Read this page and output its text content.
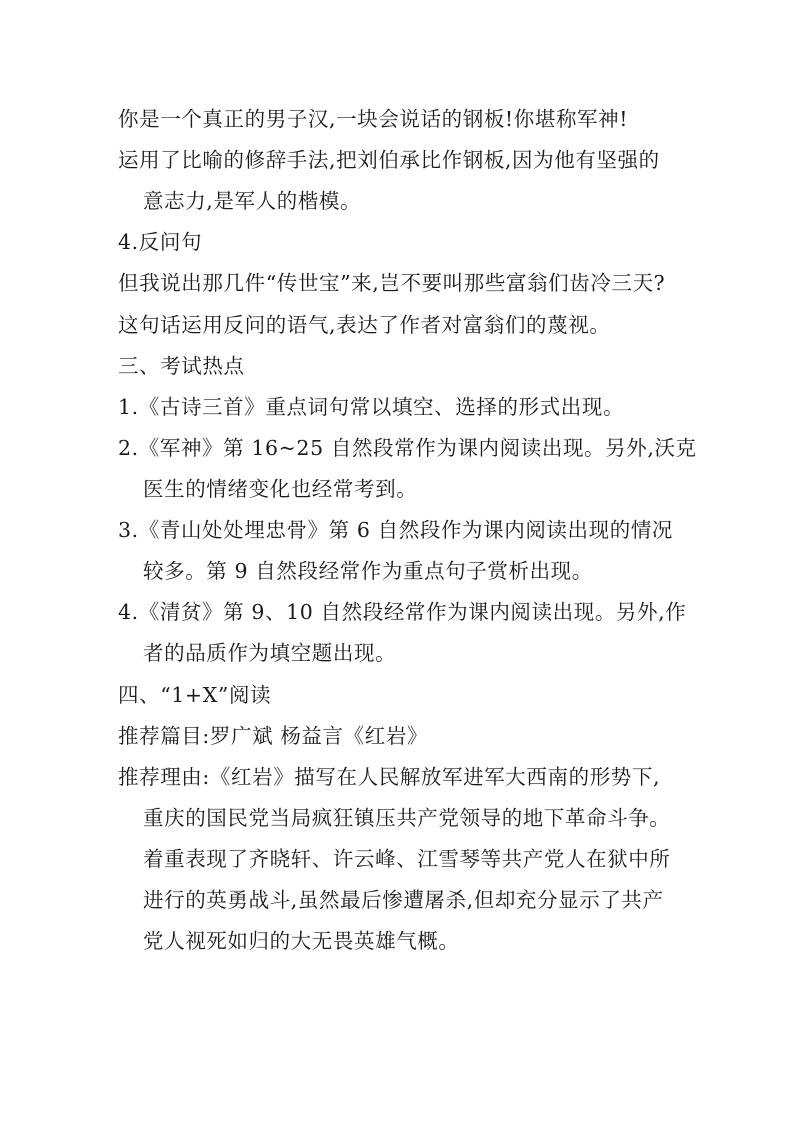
你是一个真正的男子汉,一块会说话的钢板!你堪称军神!
运用了比喻的修辞手法,把刘伯承比作钢板,因为他有坚强的
意志力,是军人的楷模。
4.反问句
但我说出那几件“传世宝”来,岂不要叫那些富翁们齿冷三天?
这句话运用反问的语气,表达了作者对富翁们的蔑视。
三、考试热点
1.《古诗三首》重点词句常以填空、选择的形式出现。
2.《军神》第 16~25 自然段常作为课内阅读出现。另外,沃克
医生的情绪变化也经常考到。
3.《青山处处埋忠骨》第 6 自然段作为课内阅读出现的情况
较多。第 9 自然段经常作为重点句子赏析出现。
4.《清贫》第 9、10 自然段经常作为课内阅读出现。另外,作
者的品质作为填空题出现。
四、“1+X”阅读
推荐篇目:罗广斌 杨益言《红岩》
推荐理由:《红岩》描写在人民解放军进军大西南的形势下,
重庆的国民党当局疯狂镇压共产党领导的地下革命斗争。
着重表现了齐晓轩、许云峰、江雪琴等共产党人在狱中所
进行的英勇战斗,虽然最后惨遭屠杀,但却充分显示了共产
党人视死如归的大无畏英雄气概。
